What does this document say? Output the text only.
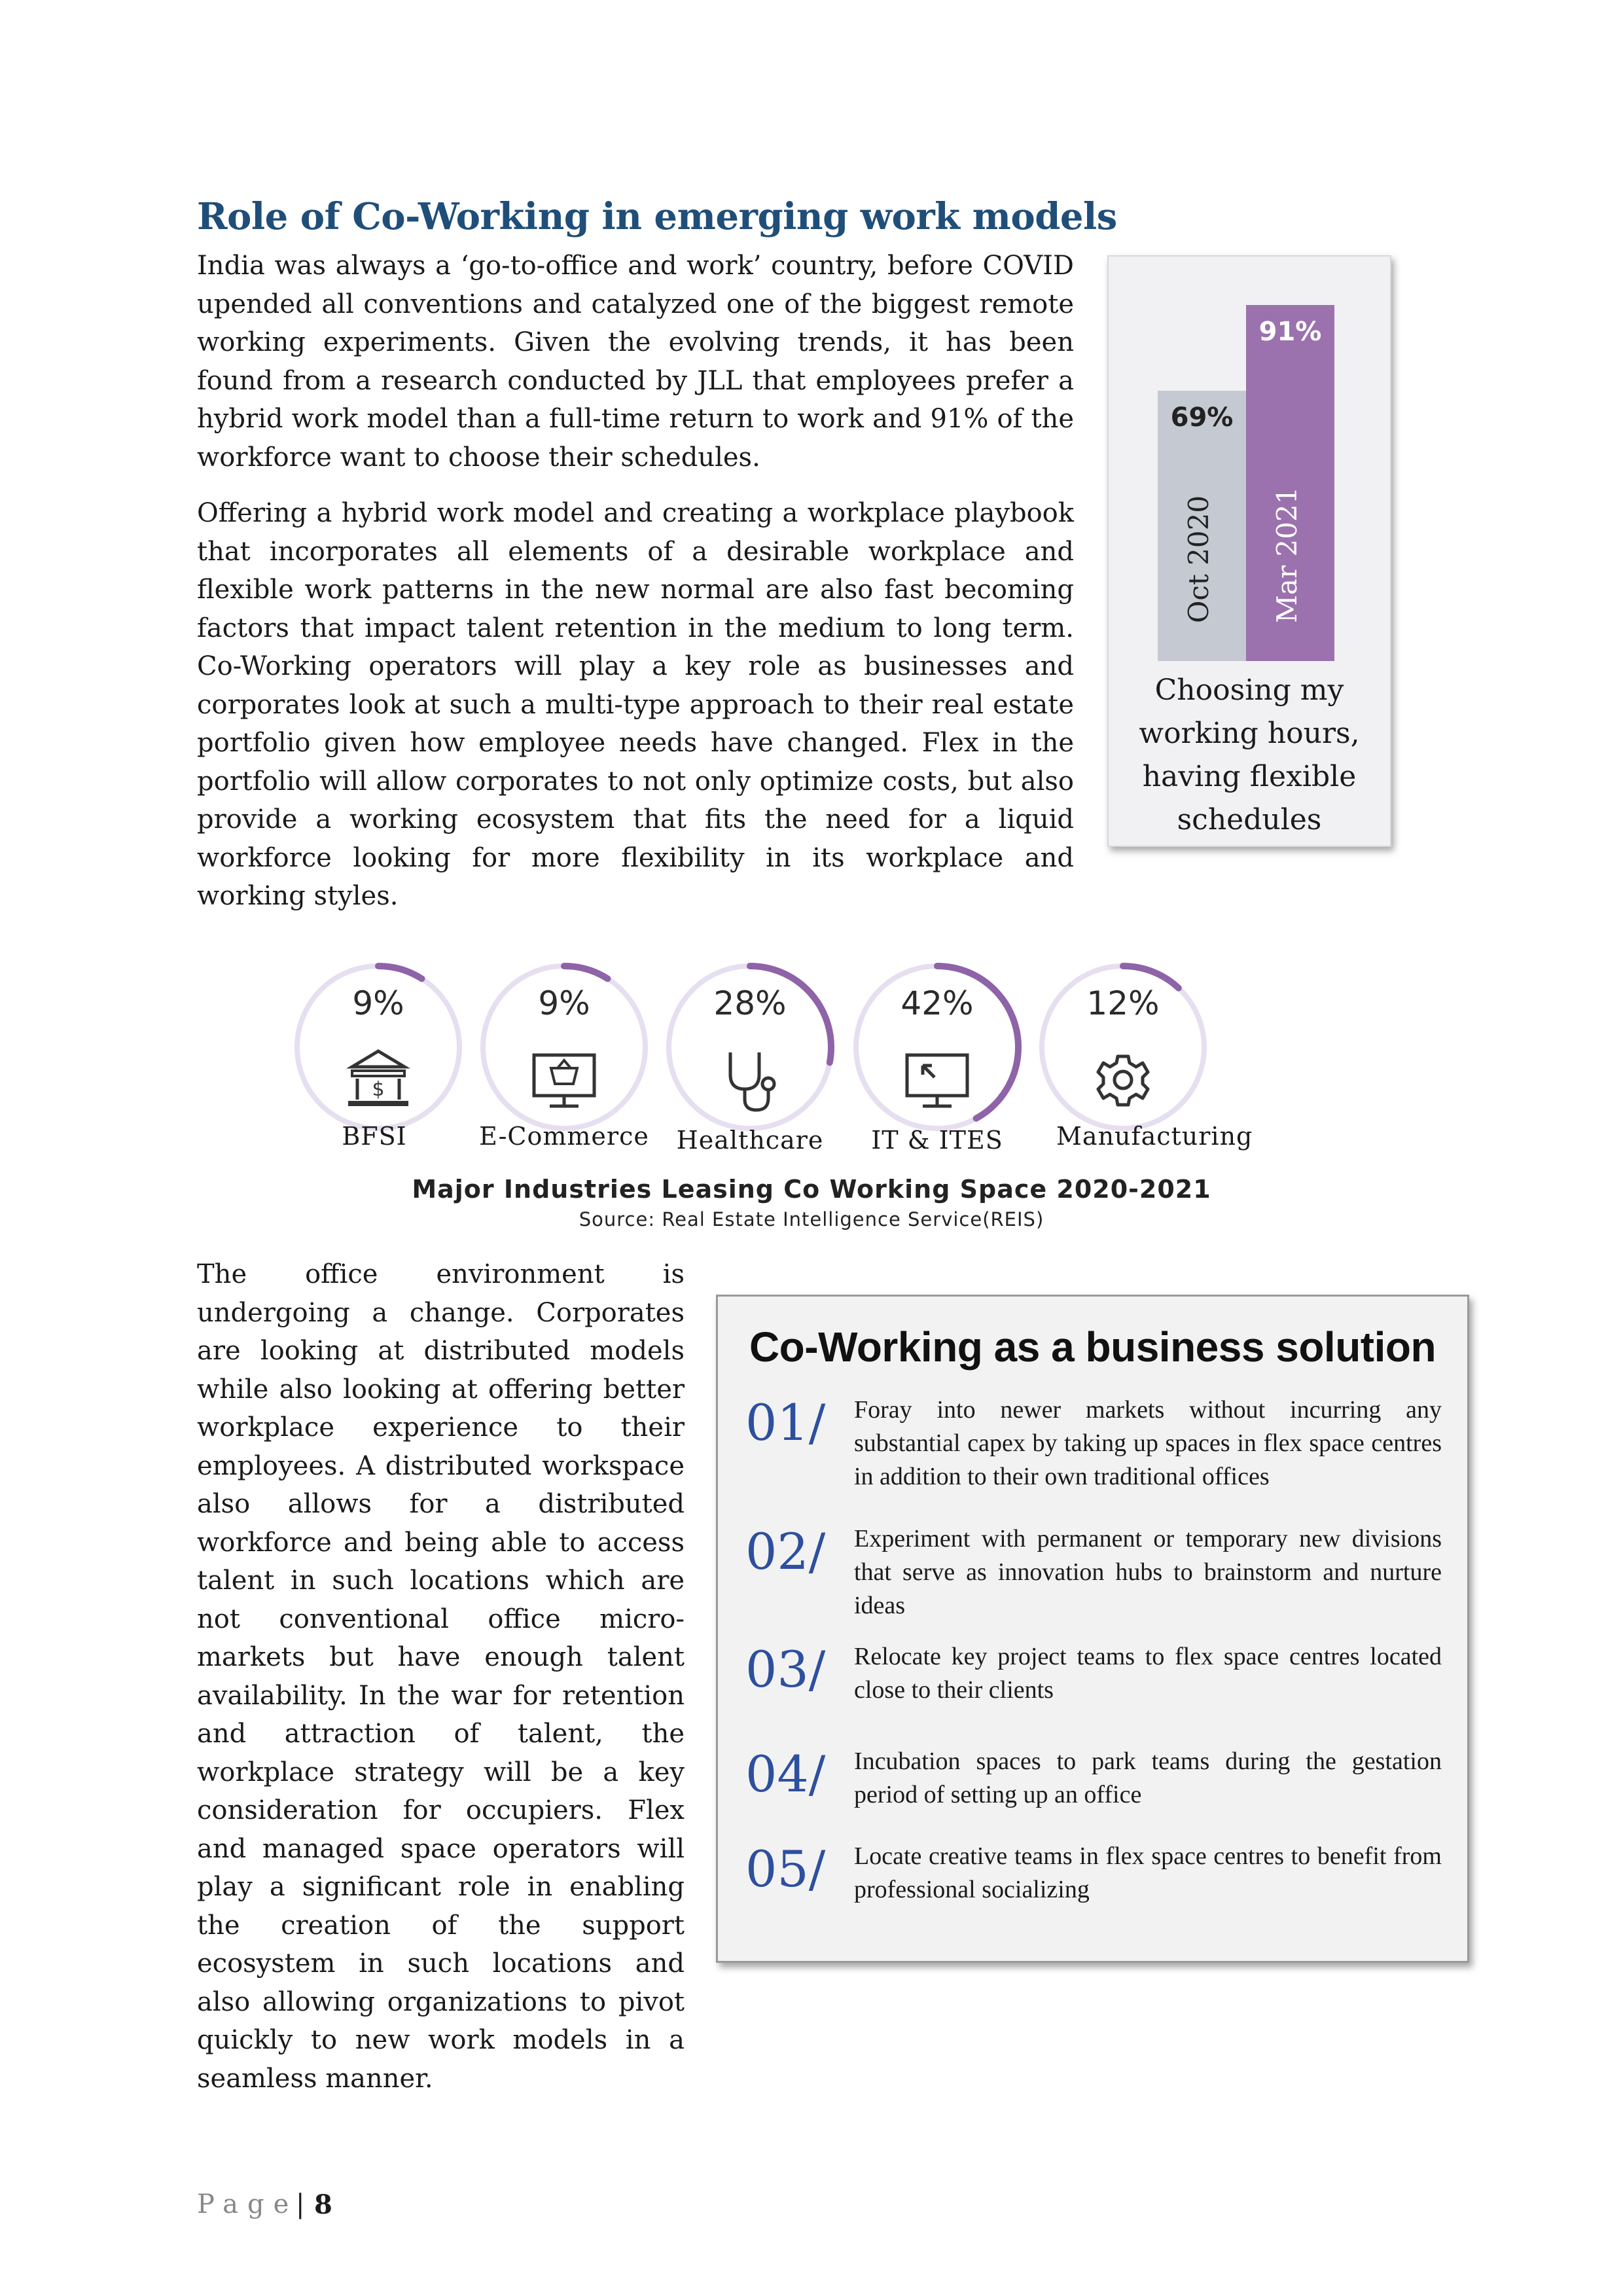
Role of Co-Working in emerging work models

India was always a ‘go-to-office and work’ country, before COVID upended all conventions and catalyzed one of the biggest remote working experiments. Given the evolving trends, it has been found from a research conducted by JLL that employees prefer a hybrid work model than a full-time return to work and 91% of the workforce want to choose their schedules.

Offering a hybrid work model and creating a workplace playbook that incorporates all elements of a desirable workplace and flexible work patterns in the new normal are also fast becoming factors that impact talent retention in the medium to long term. Co-Working operators will play a key role as businesses and corporates look at such a multi-type approach to their real estate portfolio given how employee needs have changed. Flex in the portfolio will allow corporates to not only optimize costs, but also provide a working ecosystem that fits the need for a liquid workforce looking for more flexibility in its workplace and working styles.

69%
Oct 2020
91%
Mar 2021
Choosing my working hours, having flexible schedules
9%
$
BFSI
9%
E-Commerce
28%
Healthcare
42%
IT & ITES
12%
Manufacturing
Major Industries Leasing Co Working Space 2020-2021
Source: Real Estate Intelligence Service(REIS)

The office environment is undergoing a change. Corporates are looking at distributed models while also looking at offering better workplace experience to their employees. A distributed workspace also allows for a distributed workforce and being able to access talent in such locations which are not conventional office micro-markets but have enough talent availability. In the war for retention and attraction of talent, the workplace strategy will be a key consideration for occupiers. Flex and managed space operators will play a significant role in enabling the creation of the support ecosystem in such locations and also allowing organizations to pivot quickly to new work models in a seamless manner.

Co-Working as a business solution
01/ Foray into newer markets without incurring any substantial capex by taking up spaces in flex space centres in addition to their own traditional offices

02/ Experiment with permanent or temporary new divisions that serve as innovation hubs to brainstorm and nurture ideas

03/ Relocate key project teams to flex space centres located close to their clients

04/ Incubation spaces to park teams during the gestation period of setting up an office

05/ Locate creative teams in flex space centres to benefit from professional socializing

Page
| 8
